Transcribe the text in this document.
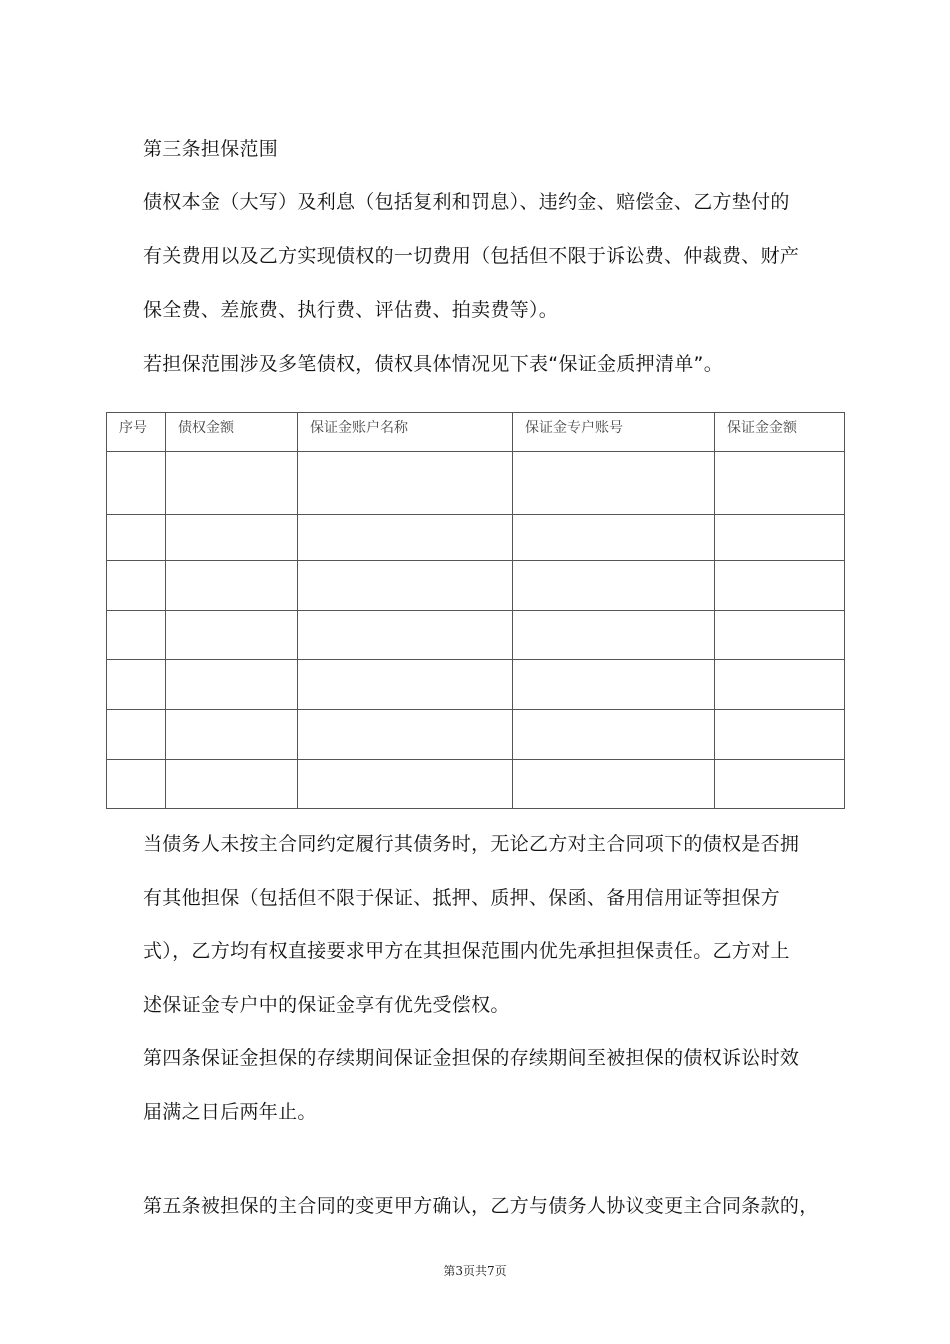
第三条担保范围
债权本金（大写）及利息（包括复利和罚息）、违约金、赔偿金、乙方垫付的
有关费用以及乙方实现债权的一切费用（包括但不限于诉讼费、仲裁费、财产
保全费、差旅费、执行费、评估费、拍卖费等）。
若担保范围涉及多笔债权，债权具体情况见下表“保证金质押清单”。
序号	债权金额	保证金账户名称	保证金专户账号	保证金金额

当债务人未按主合同约定履行其债务时，无论乙方对主合同项下的债权是否拥
有其他担保（包括但不限于保证、抵押、质押、保函、备用信用证等担保方
式），乙方均有权直接要求甲方在其担保范围内优先承担担保责任。乙方对上
述保证金专户中的保证金享有优先受偿权。
第四条保证金担保的存续期间保证金担保的存续期间至被担保的债权诉讼时效
届满之日后两年止。
第五条被担保的主合同的变更甲方确认，乙方与债务人协议变更主合同条款的，
第3页共7页
